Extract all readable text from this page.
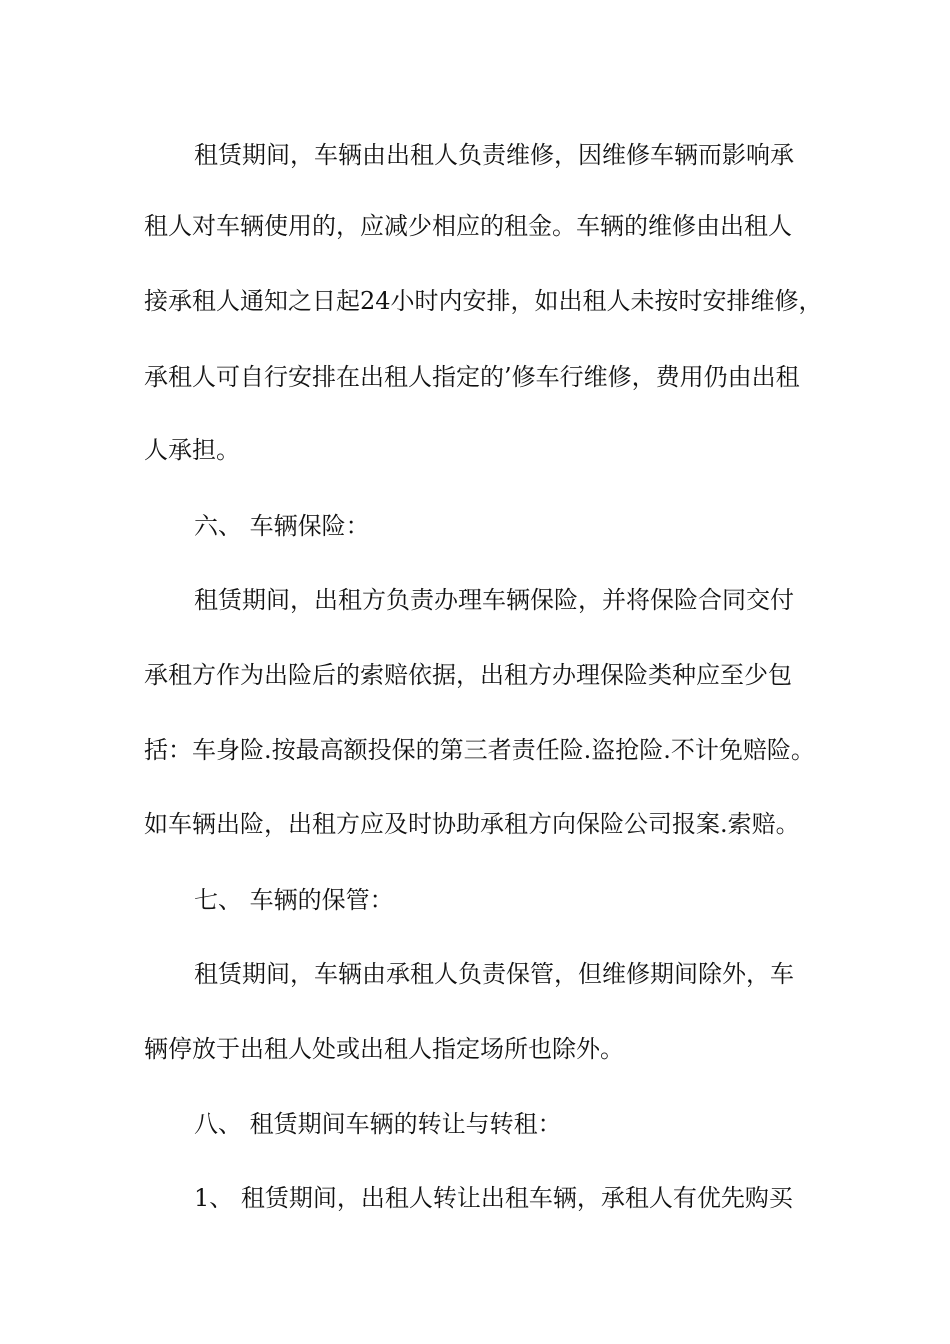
租赁期间，车辆由出租人负责维修，因维修车辆而影响承
租人对车辆使用的，应减少相应的租金。车辆的维修由出租人
接承租人通知之日起24小时内安排，如出租人未按时安排维修，
承租人可自行安排在出租人指定的’修车行维修，费用仍由出租
人承担。
六、 车辆保险：
租赁期间，出租方负责办理车辆保险，并将保险合同交付
承租方作为出险后的索赔依据，出租方办理保险类种应至少包
括：车身险.按最高额投保的第三者责任险.盗抢险.不计免赔险。
如车辆出险，出租方应及时协助承租方向保险公司报案.索赔。
七、 车辆的保管：
租赁期间，车辆由承租人负责保管，但维修期间除外，车
辆停放于出租人处或出租人指定场所也除外。
八、 租赁期间车辆的转让与转租：
1、 租赁期间，出租人转让出租车辆，承租人有优先购买
